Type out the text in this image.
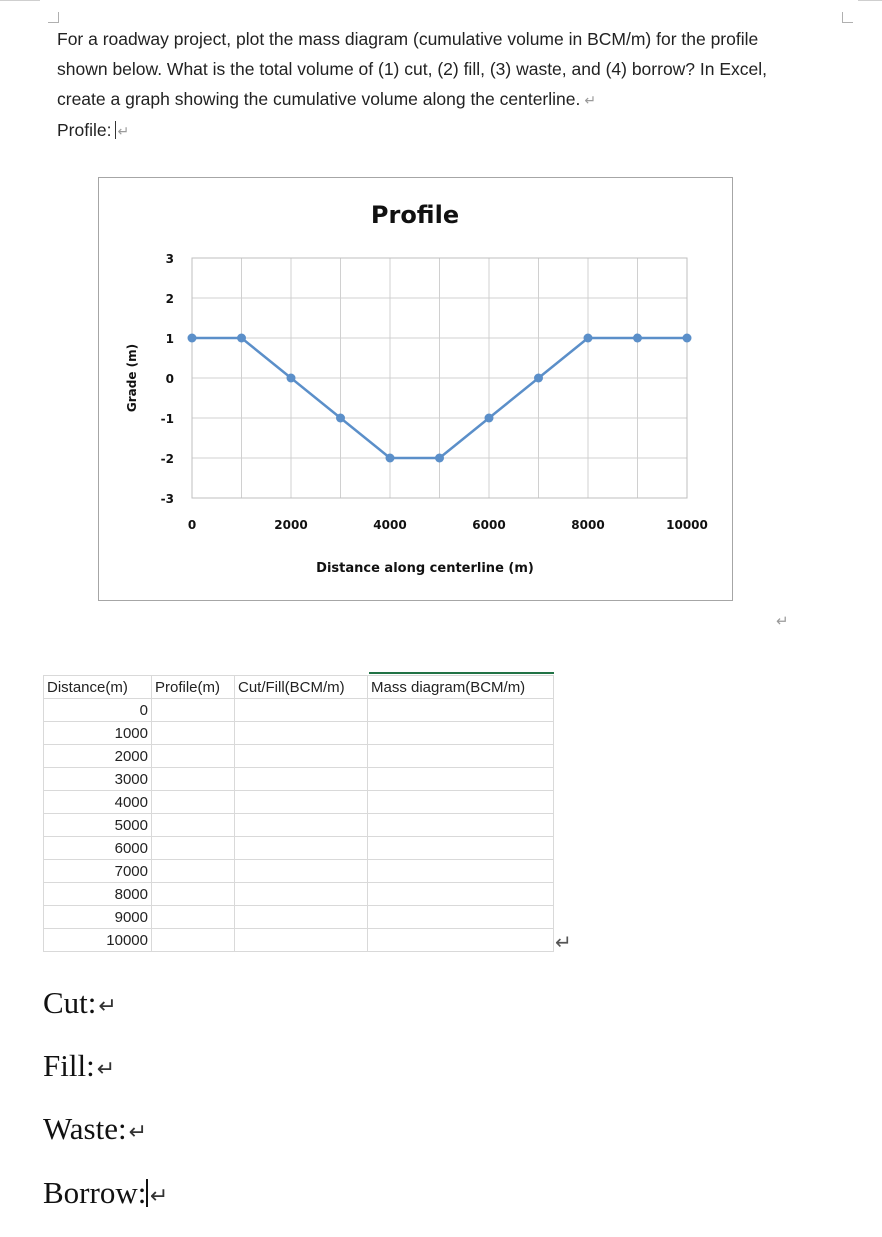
For a roadway project, plot the mass diagram (cumulative volume in BCM/m) for the profile
shown below. What is the total volume of (1) cut, (2) fill, (3) waste, and (4) borrow? In Excel,
create a graph showing the cumulative volume along the centerline. ↵
Profile: ↵
Profile
Grade (m)
Distance along centerline (m)
3
2
1
0
-1
-2
-3
0	2000	4000	6000	8000	10000
↵
Distance(m)	Profile(m)	Cut/Fill(BCM/m)	Mass diagram(BCM/m)
0			
1000			
2000			
3000			
4000			
5000			
6000			
7000			
8000			
9000			
10000				↵
Cut:↵
Fill:↵
Waste:↵
Borrow: ↵
